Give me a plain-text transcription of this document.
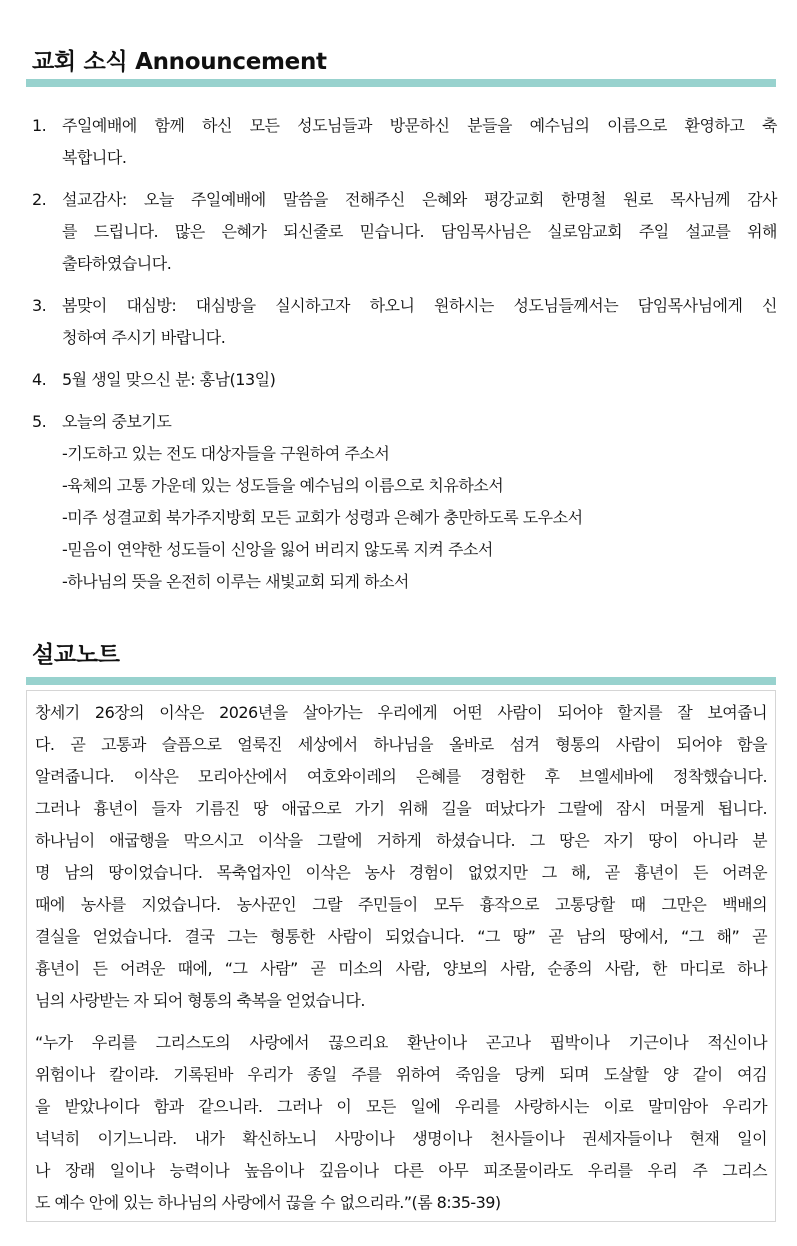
교회 소식 Announcement
1. 주일예배에 함께 하신 모든 성도님들과 방문하신 분들을 예수님의 이름으로 환영하고 축
복합니다.
2. 설교감사: 오늘 주일예배에 말씀을 전해주신 은혜와 평강교회 한명철 원로 목사님께 감사
를 드립니다. 많은 은혜가 되신줄로 믿습니다. 담임목사님은 실로암교회 주일 설교를 위해
출타하였습니다.
3. 봄맞이 대심방: 대심방을 실시하고자 하오니 원하시는 성도님들께서는 담임목사님에게 신
청하여 주시기 바랍니다.
4. 5월 생일 맞으신 분: 홍남(13일)
5. 오늘의 중보기도
-기도하고 있는 전도 대상자들을 구원하여 주소서
-육체의 고통 가운데 있는 성도들을 예수님의 이름으로 치유하소서
-미주 성결교회 북가주지방회 모든 교회가 성령과 은혜가 충만하도록 도우소서
-믿음이 연약한 성도들이 신앙을 잃어 버리지 않도록 지켜 주소서
-하나님의 뜻을 온전히 이루는 새빛교회 되게 하소서
설교노트

창세기 26장의 이삭은 2026년을 살아가는 우리에게 어떤 사람이 되어야 할지를 잘 보여줍니
다. 곧 고통과 슬픔으로 얼룩진 세상에서 하나님을 올바로 섬겨 형통의 사람이 되어야 함을
알려줍니다. 이삭은 모리아산에서 여호와이레의 은혜를 경험한 후 브엘세바에 정착했습니다.
그러나 흉년이 들자 기름진 땅 애굽으로 가기 위해 길을 떠났다가 그랄에 잠시 머물게 됩니다.
하나님이 애굽행을 막으시고 이삭을 그랄에 거하게 하셨습니다. 그 땅은 자기 땅이 아니라 분
명 남의 땅이었습니다. 목축업자인 이삭은 농사 경험이 없었지만 그 해, 곧 흉년이 든 어려운
때에 농사를 지었습니다. 농사꾼인 그랄 주민들이 모두 흉작으로 고통당할 때 그만은 백배의
결실을 얻었습니다. 결국 그는 형통한 사람이 되었습니다. “그 땅” 곧 남의 땅에서, “그 해” 곧
흉년이 든 어려운 때에, “그 사람” 곧 미소의 사람, 양보의 사람, 순종의 사람, 한 마디로 하나
님의 사랑받는 자 되어 형통의 축복을 얻었습니다.

“누가 우리를 그리스도의 사랑에서 끊으리요 환난이나 곤고나 핍박이나 기근이나 적신이나
위험이나 칼이랴. 기록된바 우리가 종일 주를 위하여 죽임을 당케 되며 도살할 양 같이 여김
을 받았나이다 함과 같으니라. 그러나 이 모든 일에 우리를 사랑하시는 이로 말미암아 우리가
넉넉히 이기느니라. 내가 확신하노니 사망이나 생명이나 천사들이나 권세자들이나 현재 일이
나 장래 일이나 능력이나 높음이나 깊음이나 다른 아무 피조물이라도 우리를 우리 주 그리스
도 예수 안에 있는 하나님의 사랑에서 끊을 수 없으리라.”(롬 8:35-39)
